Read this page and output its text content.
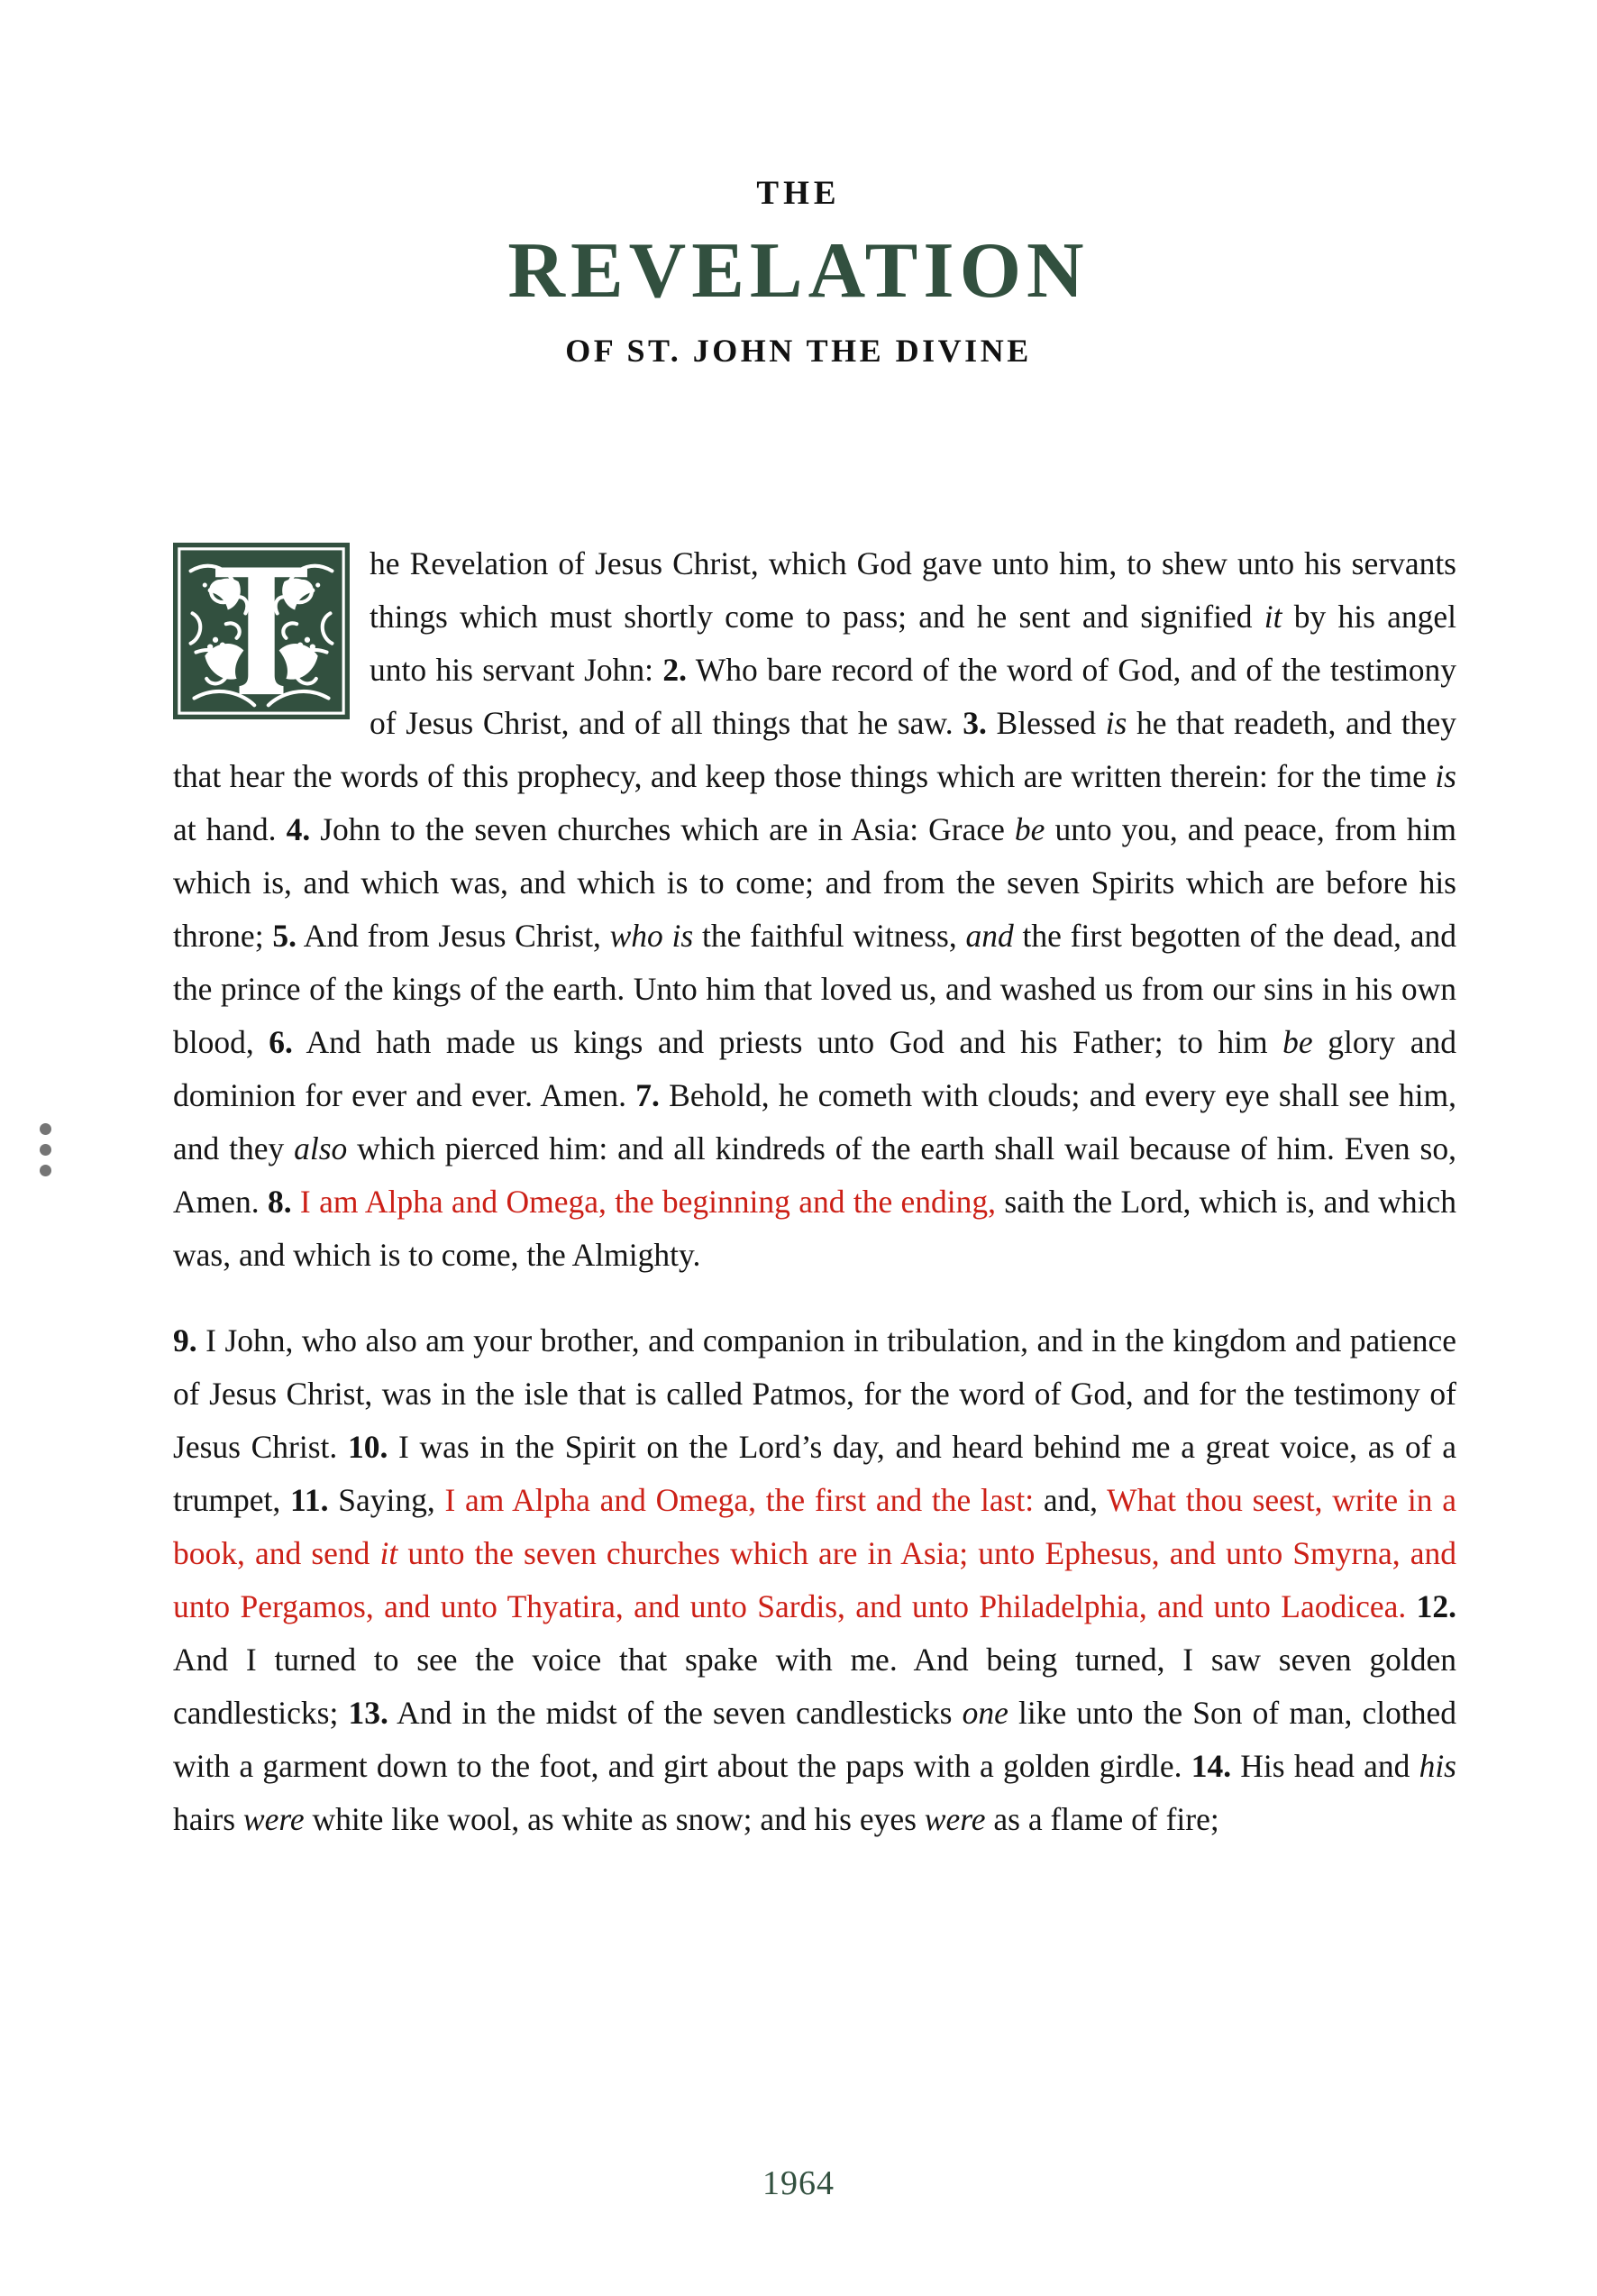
THE
REVELATION
OF ST. JOHN THE DIVINE

he Revelation of Jesus Christ, which God gave unto him, to shew unto his servants things which must shortly come to pass; and he sent and signified it by his angel unto his servant John: 2. Who bare record of the word of God, and of the testimony of Jesus Christ, and of all things that he saw. 3. Blessed is he that readeth, and they that hear the words of this prophecy, and keep those things which are written therein: for the time is at hand. 4. John to the seven churches which are in Asia: Grace be unto you, and peace, from him which is, and which was, and which is to come; and from the seven Spirits which are before his throne; 5. And from Jesus Christ, who is the faithful witness, and the first begotten of the dead, and the prince of the kings of the earth. Unto him that loved us, and washed us from our sins in his own blood, 6. And hath made us kings and priests unto God and his Father; to him be glory and dominion for ever and ever. Amen. 7. Behold, he cometh with clouds; and every eye shall see him, and they also which pierced him: and all kindreds of the earth shall wail because of him. Even so, Amen. 8. I am Alpha and Omega, the beginning and the ending, saith the Lord, which is, and which was, and which is to come, the Almighty.

9. I John, who also am your brother, and companion in tribulation, and in the kingdom and patience of Jesus Christ, was in the isle that is called Patmos, for the word of God, and for the testimony of Jesus Christ. 10. I was in the Spirit on the Lord’s day, and heard behind me a great voice, as of a trumpet, 11. Saying, I am Alpha and Omega, the first and the last: and, What thou seest, write in a book, and send it unto the seven churches which are in Asia; unto Ephesus, and unto Smyrna, and unto Pergamos, and unto Thyatira, and unto Sardis, and unto Philadelphia, and unto Laodicea. 12. And I turned to see the voice that spake with me. And being turned, I saw seven golden candlesticks; 13. And in the midst of the seven candlesticks one like unto the Son of man, clothed with a garment down to the foot, and girt about the paps with a golden girdle. 14. His head and his hairs were white like wool, as white as snow; and his eyes were as a flame of fire;

1964
